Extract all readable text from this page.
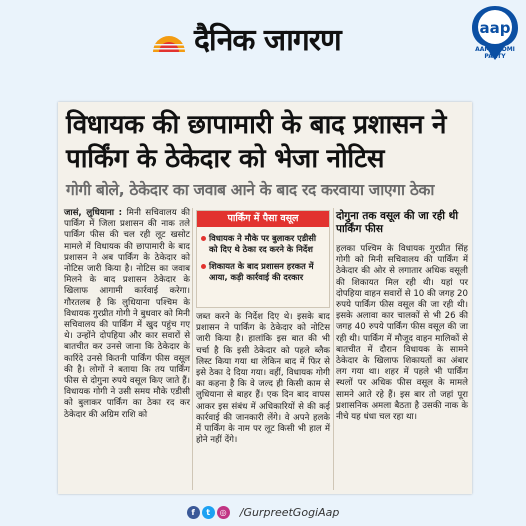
दैनिक जागरण	aap
AAM AADMI PARTY
विधायक की छापामारी के बाद प्रशासन ने पार्किंग के ठेकेदार को भेजा नोटिस
गोगी बोले, ठेकेदार का जवाब आने के बाद रद करवाया जाएगा ठेका
जासं, लुधियाना : मिनी सचिवालय की पार्किंग में जिला प्रशासन की नाक तले पार्किंग फीस की चल रही लूट खसोट मामले में विधायक की छापामारी के बाद प्रशासन ने अब पार्किंग के ठेकेदार को नोटिस जारी किया है। नोटिस का जवाब मिलने के बाद प्रशासन ठेकेदार के खिलाफ आगामी कार्रवाई करेगा। गौरतलब है कि लुधियाना पश्चिम के विधायक गुरप्रीत गोगी ने बुधवार को मिनी सचिवालय की पार्किंग में खुद पहुंच गए थे। उन्होंने दोपहिया और कार सवारों से बातचीत कर उनसे जाना कि ठेकेदार के कारिंदे उनसे कितनी पार्किंग फीस वसूल की है। लोगों ने बताया कि तय पार्किंग फीस से दोगुना रुपये वसूल किए जाते हैं। विधायक गोगी ने उसी समय मौके एडीसी को बुलाकर पार्किंग का ठेका रद कर ठेकेदार की अग्रिम राशि को
पार्किंग में पैसा वसूल
विधायक ने मौके पर बुलाकर एडीसी को दिए थे ठेका रद करने के निर्देश
शिकायत के बाद प्रशासन हरकत में आया, कड़ी कार्रवाई की दरकार
जब्त करने के निर्देश दिए थे। इसके बाद प्रशासन ने पार्किंग के ठेकेदार को नोटिस जारी किया है। हालांकि इस बात की भी चर्चा है कि इसी ठेकेदार को पहले ब्लैक लिस्ट किया गया था लेकिन बाद में फिर से इसे ठेका दे दिया गया। वहीं, विधायक गोगी का कहना है कि वे जल्द ही किसी काम से लुधियाना से बाहर हैं। एक दिन बाद वापस आकर इस संबंध में अधिकारियों से की कई कार्रवाई की जानकारी लेंगे। वे अपने हलके में पार्किंग के नाम पर लूट किसी भी हाल में होने नहीं देंगे।
दोगुना तक वसूल की जा रही थी पार्किंग फीस
हलका पश्चिम के विधायक गुरप्रीत सिंह गोगी को मिनी सचिवालय की पार्किंग में ठेकेदार की ओर से लगातार अधिक वसूली की शिकायत मिल रही थी। यहां पर दोपहिया वाहन सवारों से 10 की जगह 20 रुपये पार्किंग फीस वसूल की जा रही थी। इसके अलावा कार चालकों से भी 26 की जगह 40 रुपये पार्किंग फीस वसूल की जा रही थी। पार्किंग में मौजूद वाहन मालिकों से बातचीत में दौरान विधायक के सामने ठेकेदार के खिलाफ शिकायतों का अंबार लग गया था। शहर में पहले भी पार्किंग स्थलों पर अधिक फीस वसूल के मामले सामने आते रहे हैं। इस बार तो जहां पूरा प्रशासनिक अमला बैठता है उसकी नाक के नीचे यह धंधा चल रहा था।
f t ◎ /GurpreetGogiAap
